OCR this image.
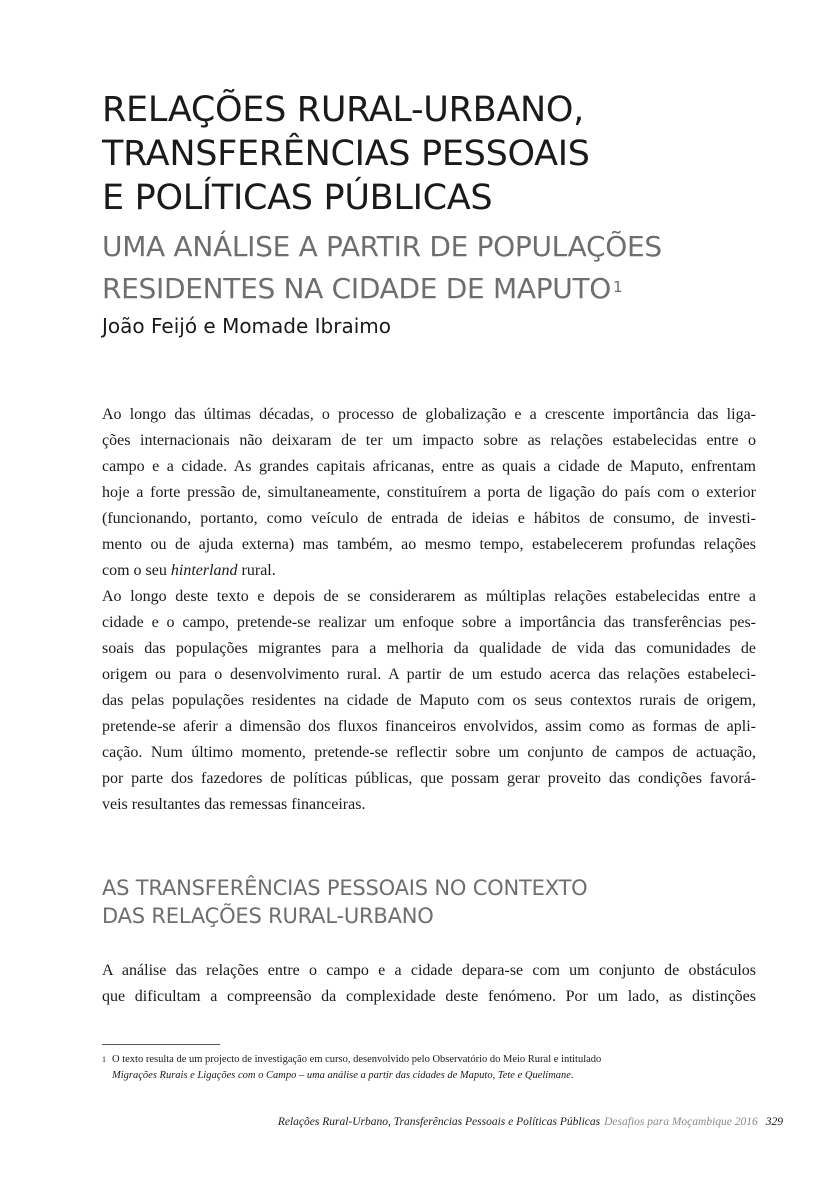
RELAÇÕES RURAL-URBANO,
TRANSFERÊNCIAS PESSOAIS
E POLÍTICAS PÚBLICAS
UMA ANÁLISE A PARTIR DE POPULAÇÕES
RESIDENTES NA CIDADE DE MAPUTO $^1$
João Feijó e Momade Ibraimo
Ao longo das últimas décadas, o processo de globalização e a crescente importância das liga-
ções internacionais não deixaram de ter um impacto sobre as relações estabelecidas entre o
campo e a cidade. As grandes capitais africanas, entre as quais a cidade de Maputo, enfrentam
hoje a forte pressão de, simultaneamente, constituírem a porta de ligação do país com o exterior
(funcionando, portanto, como veículo de entrada de ideias e hábitos de consumo, de investi-
mento ou de ajuda externa) mas também, ao mesmo tempo, estabelecerem profundas relações
com o seu hinterland rural.
Ao longo deste texto e depois de se considerarem as múltiplas relações estabelecidas entre a
cidade e o campo, pretende-se realizar um enfoque sobre a importância das transferências pes-
soais das populações migrantes para a melhoria da qualidade de vida das comunidades de
origem ou para o desenvolvimento rural. A partir de um estudo acerca das relações estabeleci-
das pelas populações residentes na cidade de Maputo com os seus contextos rurais de origem,
pretende-se aferir a dimensão dos fluxos financeiros envolvidos, assim como as formas de apli-
cação. Num último momento, pretende-se reflectir sobre um conjunto de campos de actuação,
por parte dos fazedores de políticas públicas, que possam gerar proveito das condições favorá-
veis resultantes das remessas financeiras.
AS TRANSFERÊNCIAS PESSOAIS NO CONTEXTO
DAS RELAÇÕES RURAL-URBANO
A análise das relações entre o campo e a cidade depara-se com um conjunto de obstáculos
que dificultam a compreensão da complexidade deste fenómeno. Por um lado, as distinções
1 O texto resulta de um projecto de investigação em curso, desenvolvido pelo Observatório do Meio Rural e intitulado
Migrações Rurais e Ligações com o Campo – uma análise a partir das cidades de Maputo, Tete e Quelimane.
Relações Rural-Urbano, Transferências Pessoais e Políticas Públicas Desafios para Moçambique 2016 329
